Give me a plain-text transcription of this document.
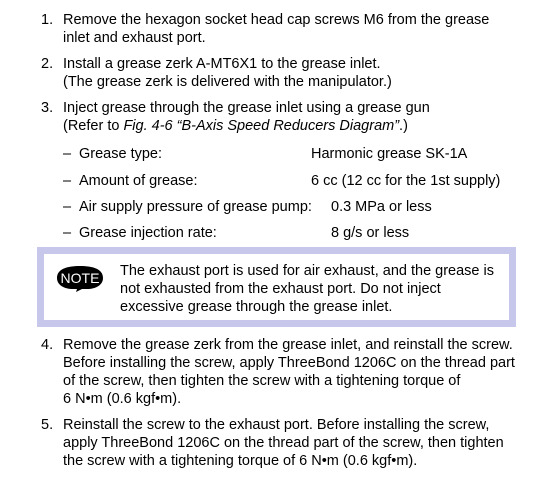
1. Remove the hexagon socket head cap screws M6 from the grease
inlet and exhaust port.
2. Install a grease zerk A-MT6X1 to the grease inlet.
(The grease zerk is delivered with the manipulator.)
3. Inject grease through the grease inlet using a grease gun
(Refer to Fig. 4-6 “B-Axis Speed Reducers Diagram”.)
– Grease type:	Harmonic grease SK-1A
– Amount of grease:	6 cc (12 cc for the 1st supply)
– Air supply pressure of grease pump: 0.3 MPa or less
– Grease injection rate:	8 g/s or less
NOTE The exhaust port is used for air exhaust, and the grease is
not exhausted from the exhaust port. Do not inject
excessive grease through the grease inlet.
4. Remove the grease zerk from the grease inlet, and reinstall the screw.
Before installing the screw, apply ThreeBond 1206C on the thread part
of the screw, then tighten the screw with a tightening torque of
6 N•m (0.6 kgf•m).
5. Reinstall the screw to the exhaust port. Before installing the screw,
apply ThreeBond 1206C on the thread part of the screw, then tighten
the screw with a tightening torque of 6 N•m (0.6 kgf•m).
